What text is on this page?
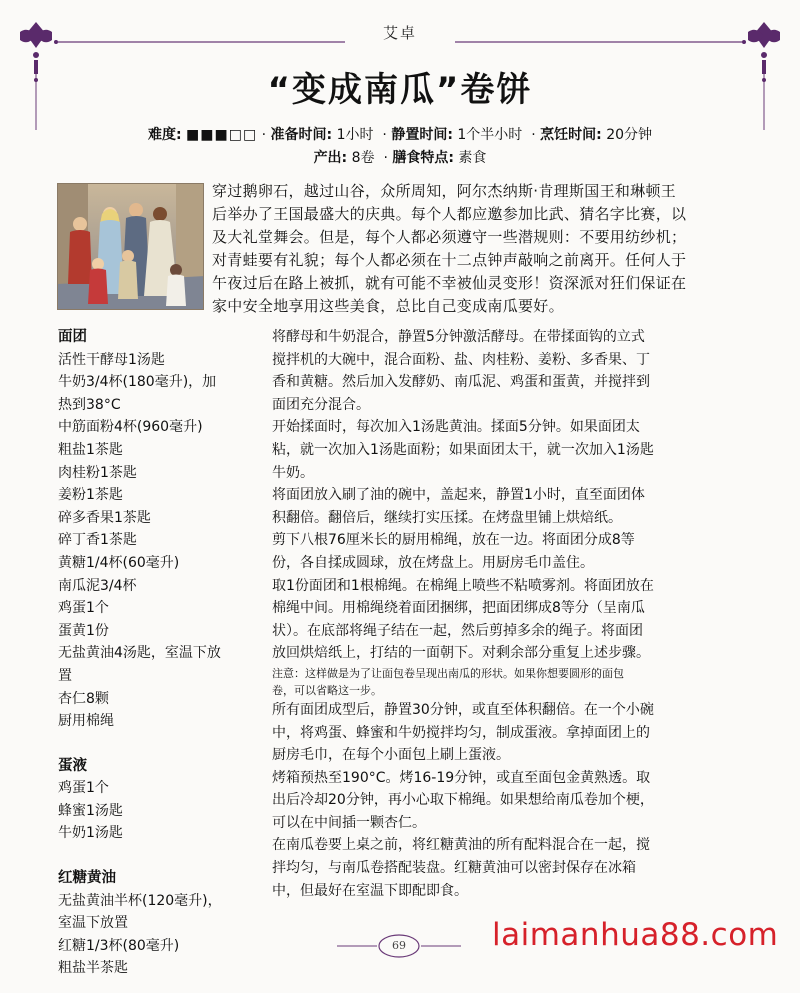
艾卓
“变成南瓜”卷饼
难度: ■■■□□ · 准备时间: 1小时 · 静置时间: 1个半小时 · 烹饪时间: 20分钟
产出: 8卷 · 膳食特点: 素食
穿过鹅卵石，越过山谷，众所周知，阿尔杰纳斯·肯理斯国王和琳顿王
后举办了王国最盛大的庆典。每个人都应邀参加比武、猜名字比赛，以
及大礼堂舞会。但是，每个人都必须遵守一些潜规则：不要用纺纱机；
对青蛙要有礼貌；每个人都必须在十二点钟声敲响之前离开。任何人于
午夜过后在路上被抓，就有可能不幸被仙灵变形！资深派对狂们保证在
家中安全地享用这些美食，总比自己变成南瓜要好。
面团
活性干酵母1汤匙
牛奶3/4杯(180毫升)，加
热到38°C
中筋面粉4杯(960毫升)
粗盐1茶匙
肉桂粉1茶匙
姜粉1茶匙
碎多香果1茶匙
碎丁香1茶匙
黄糖1/4杯(60毫升)
南瓜泥3/4杯
鸡蛋1个
蛋黄1份
无盐黄油4汤匙，室温下放
置
杏仁8颗
厨用棉绳
蛋液
鸡蛋1个
蜂蜜1汤匙
牛奶1汤匙
红糖黄油
无盐黄油半杯(120毫升)，
室温下放置
红糖1/3杯(80毫升)
粗盐半茶匙
将酵母和牛奶混合，静置5分钟激活酵母。在带揉面钩的立式
搅拌机的大碗中，混合面粉、盐、肉桂粉、姜粉、多香果、丁
香和黄糖。然后加入发酵奶、南瓜泥、鸡蛋和蛋黄，并搅拌到
面团充分混合。
开始揉面时，每次加入1汤匙黄油。揉面5分钟。如果面团太
粘，就一次加入1汤匙面粉；如果面团太干，就一次加入1汤匙
牛奶。
将面团放入刷了油的碗中，盖起来，静置1小时，直至面团体
积翻倍。翻倍后，继续打实压揉。在烤盘里铺上烘焙纸。
剪下八根76厘米长的厨用棉绳，放在一边。将面团分成8等
份，各自揉成圆球，放在烤盘上。用厨房毛巾盖住。
取1份面团和1根棉绳。在棉绳上喷些不粘喷雾剂。将面团放在
棉绳中间。用棉绳绕着面团捆绑，把面团绑成8等分（呈南瓜
状）。在底部将绳子结在一起，然后剪掉多余的绳子。将面团
放回烘焙纸上，打结的一面朝下。对剩余部分重复上述步骤。
注意：这样做是为了让面包卷呈现出南瓜的形状。如果你想要圆形的面包
卷，可以省略这一步。
所有面团成型后，静置30分钟，或直至体积翻倍。在一个小碗
中，将鸡蛋、蜂蜜和牛奶搅拌均匀，制成蛋液。拿掉面团上的
厨房毛巾，在每个小面包上刷上蛋液。
烤箱预热至190°C。烤16-19分钟，或直至面包金黄熟透。取
出后冷却20分钟，再小心取下棉绳。如果想给南瓜卷加个梗，
可以在中间插一颗杏仁。
在南瓜卷要上桌之前，将红糖黄油的所有配料混合在一起，搅
拌均匀，与南瓜卷搭配装盘。红糖黄油可以密封保存在冰箱
中，但最好在室温下即配即食。
69	laimanhua88.com
